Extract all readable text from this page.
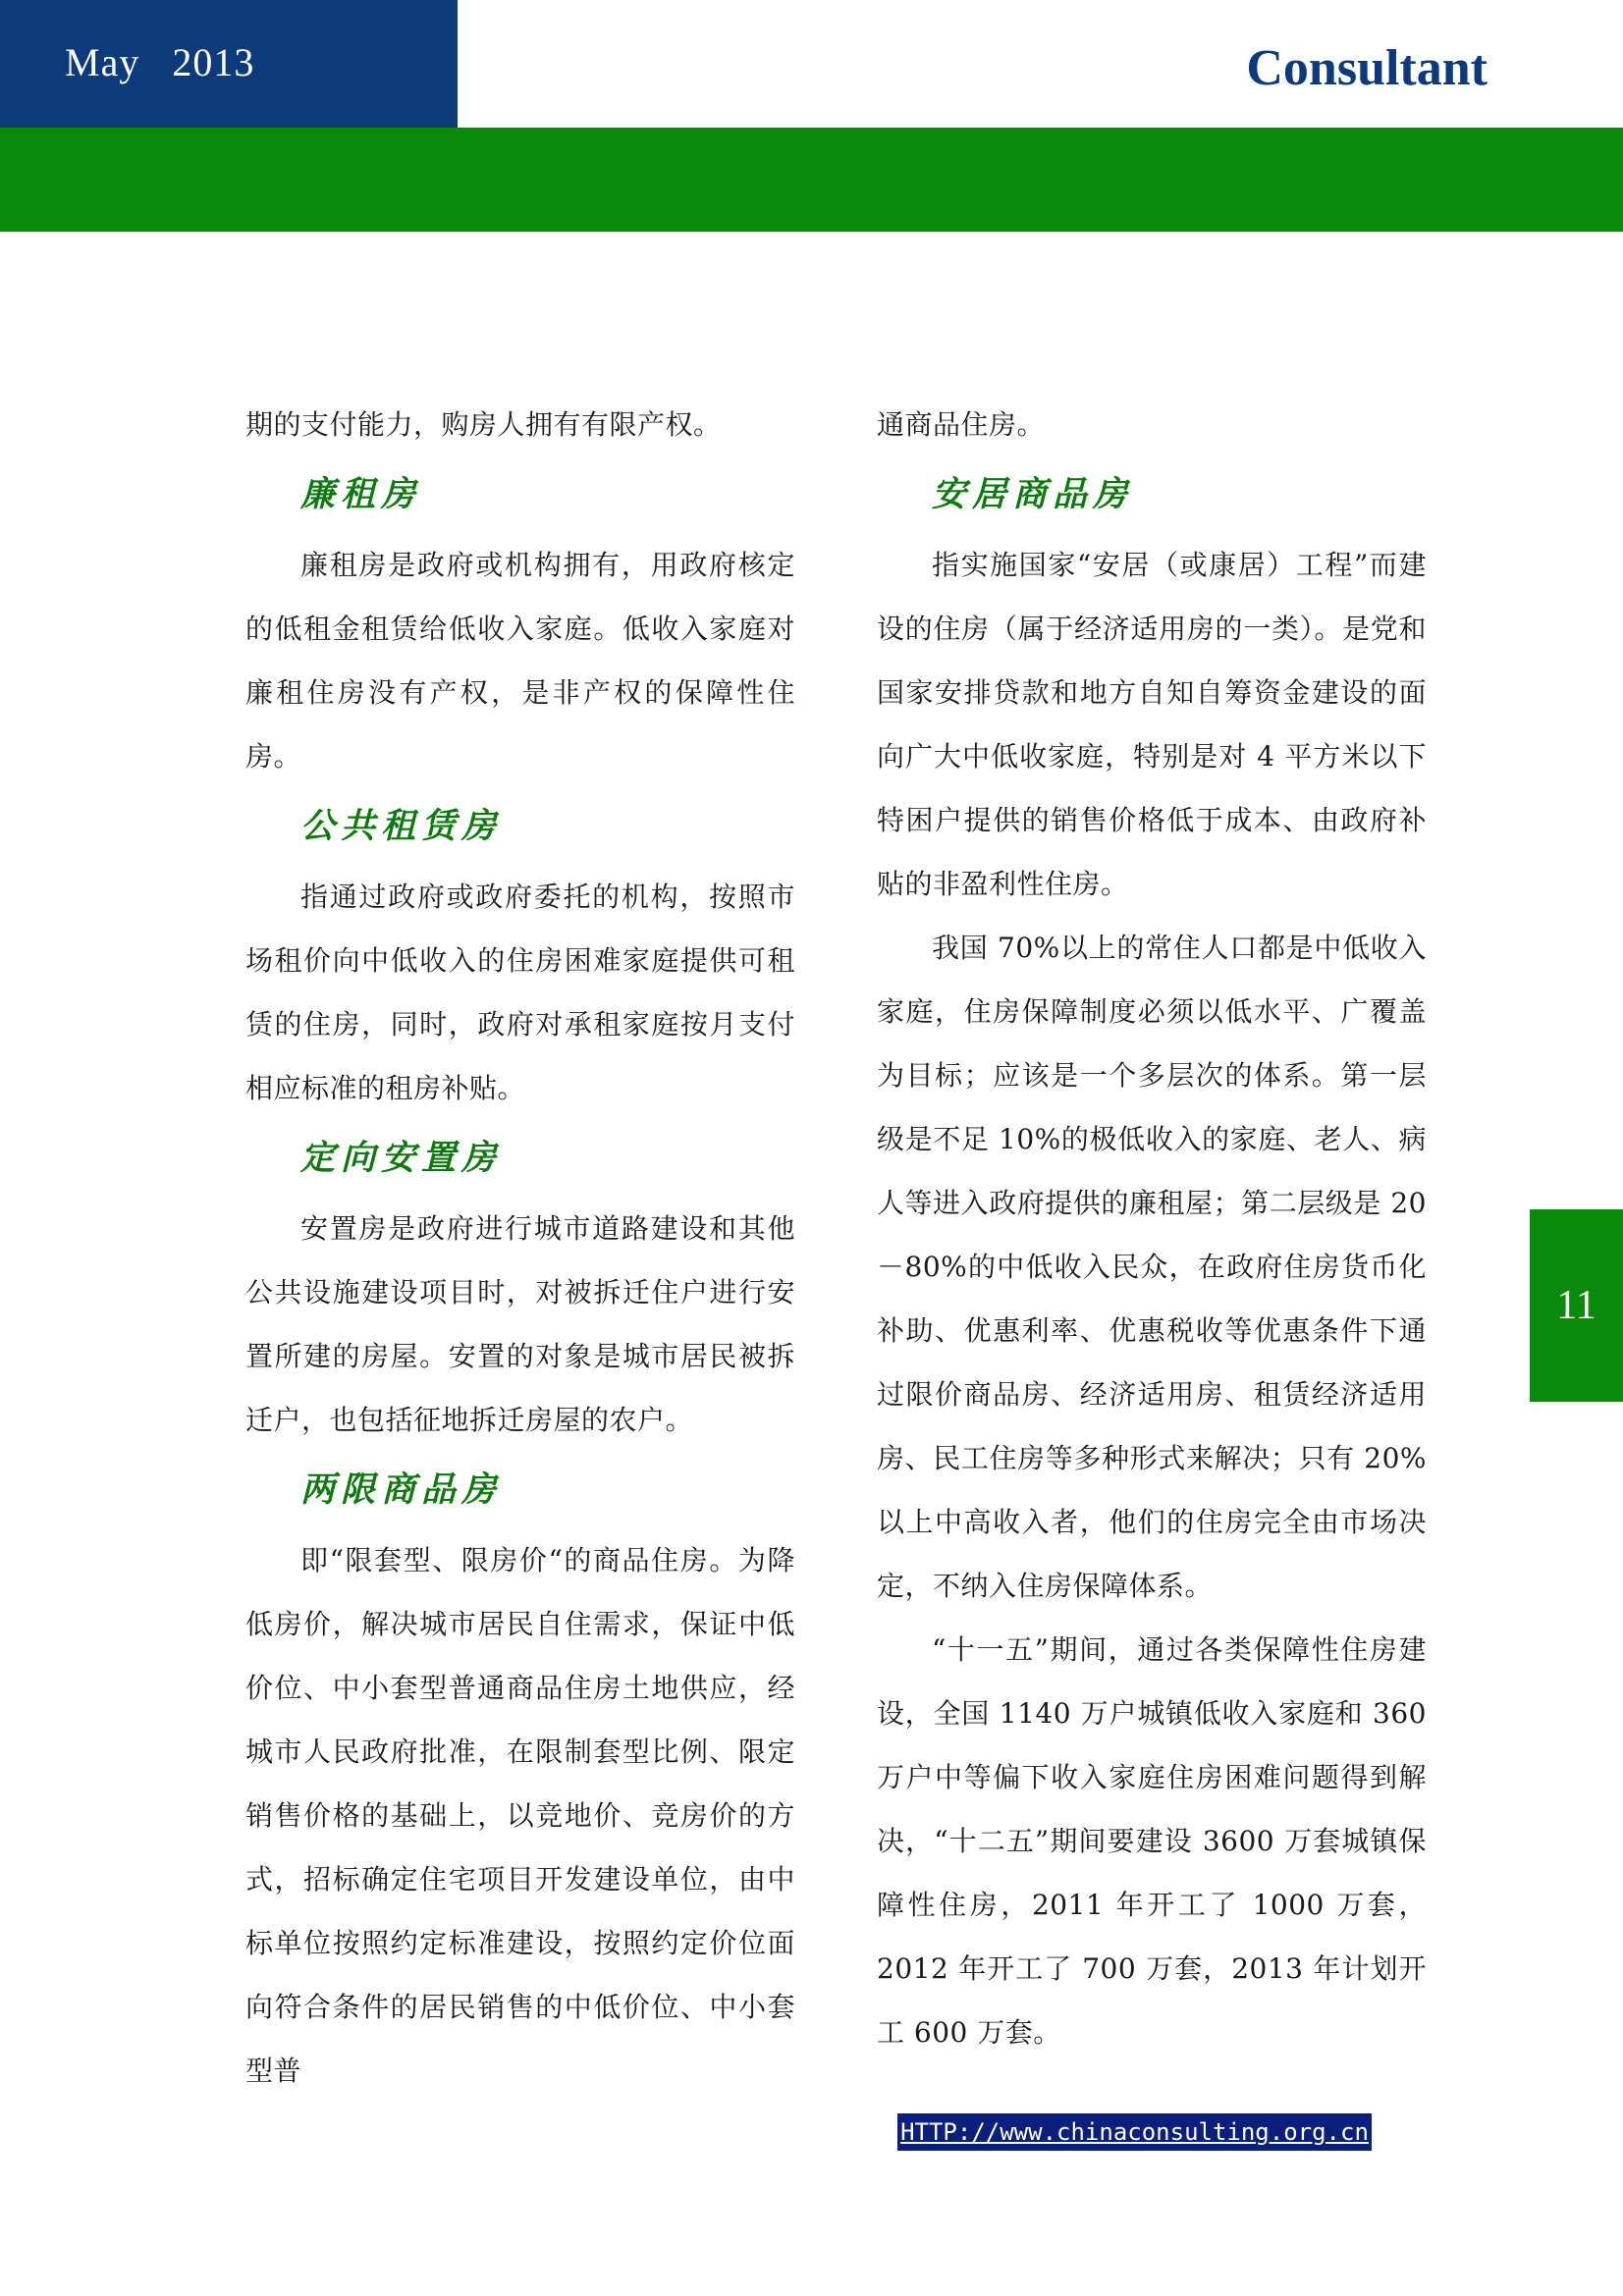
May   2013	Consultant

期的支付能力，购房人拥有有限产权。

廉租房

廉租房是政府或机构拥有，用政府核定的低租金租赁给低收入家庭。低收入家庭对廉租住房没有产权，是非产权的保障性住房。

公共租赁房

指通过政府或政府委托的机构，按照市场租价向中低收入的住房困难家庭提供可租赁的住房，同时，政府对承租家庭按月支付相应标准的租房补贴。

定向安置房

安置房是政府进行城市道路建设和其他公共设施建设项目时，对被拆迁住户进行安置所建的房屋。安置的对象是城市居民被拆迁户，也包括征地拆迁房屋的农户。

两限商品房

即“限套型、限房价“的商品住房。为降低房价，解决城市居民自住需求，保证中低价位、中小套型普通商品住房土地供应，经城市人民政府批准，在限制套型比例、限定销售价格的基础上，以竞地价、竞房价的方式，招标确定住宅项目开发建设单位，由中标单位按照约定标准建设，按照约定价位面向符合条件的居民销售的中低价位、中小套型普

通商品住房。

安居商品房

指实施国家“安居（或康居）工程”而建设的住房（属于经济适用房的一类）。是党和国家安排贷款和地方自知自筹资金建设的面向广大中低收家庭，特别是对 4 平方米以下特困户提供的销售价格低于成本、由政府补贴的非盈利性住房。

我国 70%以上的常住人口都是中低收入家庭，住房保障制度必须以低水平、广覆盖为目标；应该是一个多层次的体系。第一层级是不足 10%的极低收入的家庭、老人、病人等进入政府提供的廉租屋；第二层级是 20－80%的中低收入民众，在政府住房货币化补助、优惠利率、优惠税收等优惠条件下通过限价商品房、经济适用房、租赁经济适用房、民工住房等多种形式来解决；只有 20%以上中高收入者，他们的住房完全由市场决定，不纳入住房保障体系。

“十一五”期间，通过各类保障性住房建设，全国 1140 万户城镇低收入家庭和 360 万户中等偏下收入家庭住房困难问题得到解决，“十二五”期间要建设 3600 万套城镇保障性住房，2011 年开工了 1000 万套，2012 年开工了 700 万套，2013 年计划开工 600 万套。

11
HTTP://www.chinaconsulting.org.cn
